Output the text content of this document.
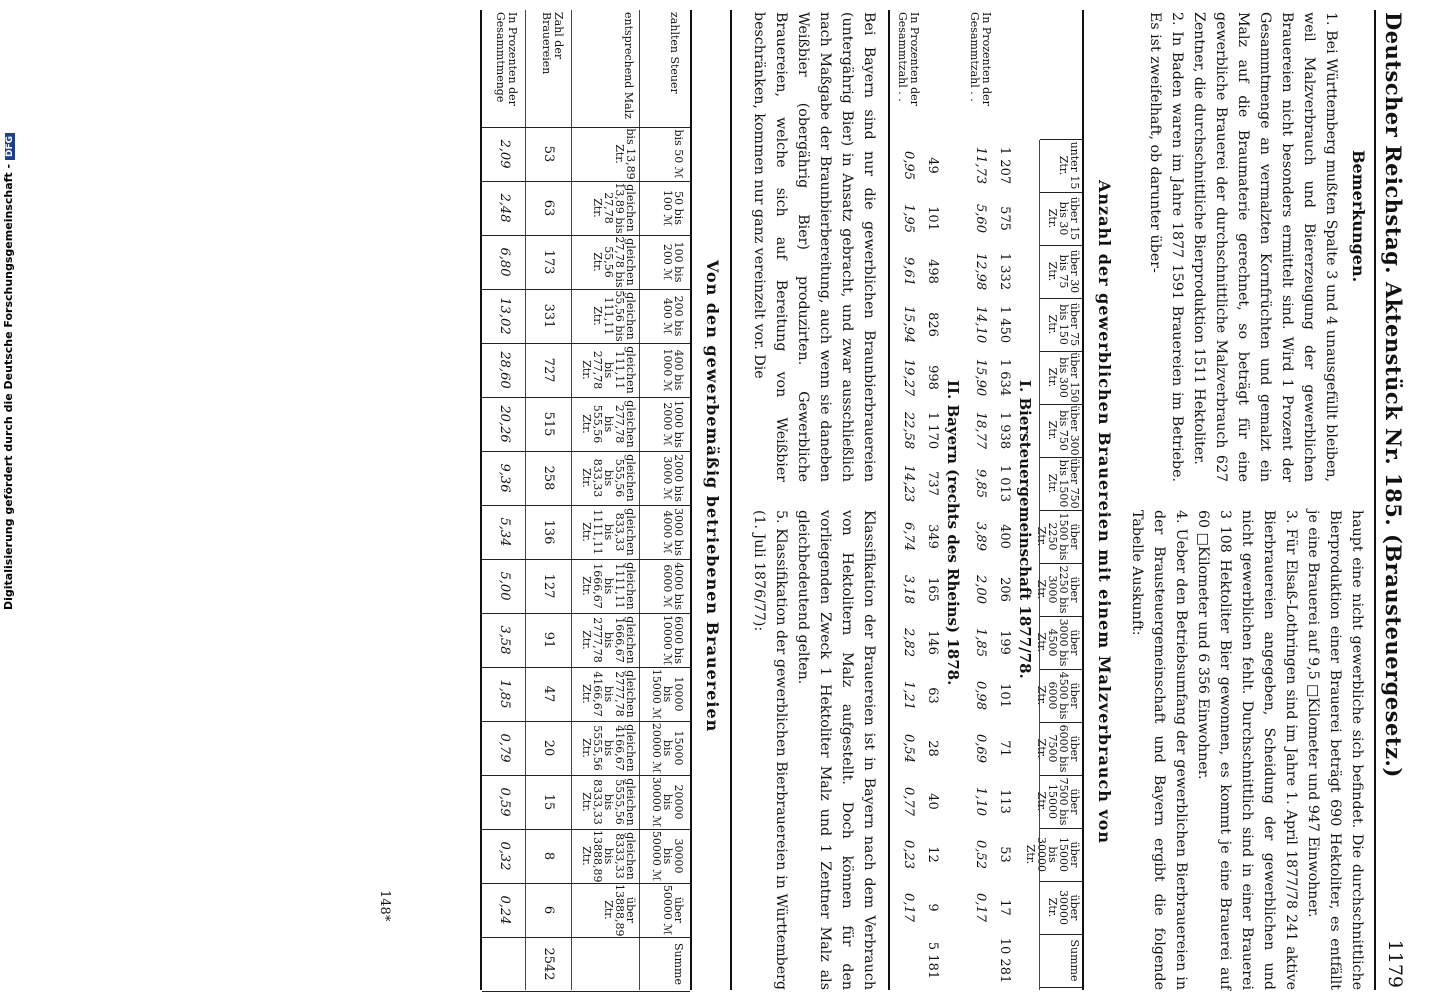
Deutscher Reichstag. Aktenstück Nr. 185. (Brausteuergesetz.)
1179
Bemerkungen.

1. Bei Württemberg mußten Spalte 3 und 4 unausgefüllt bleiben, weil Malzverbrauch und Biererzeugung der gewerblichen Brauereien nicht besonders ermittelt sind. Wird 1 Prozent der Gesammtmenge an vermalzten Kornfrüchten und gemalzt ein Malz auf die Braumaterie gerechnet, so beträgt für eine gewerbliche Brauerei der durchschnittliche Malzverbrauch 627 Zentner, die durchschnittliche Bierproduktion 1511 Hektoliter.

2. In Baden waren im Jahre 1877 1591 Brauereien im Betriebe. Es ist zweifelhaft, ob darunter über-

haupt eine nicht gewerbliche sich befindet. Die durchschnittliche Bierproduktion einer Brauerei beträgt 690 Hektoliter, es entfällt je eine Brauerei auf 9,5 □Kilometer und 947 Einwohner.

3. Für Elsaß-Lothringen sind im Jahre 1. April 1877/78 241 aktive Bierbrauereien angegeben, Scheidung der gewerblichen und nicht gewerblichen fehlt. Durchschnittlich sind in einer Brauerei 3 108 Hektoliter Bier gewonnen, es kommt je eine Brauerei auf 60 □Kilometer und 6 356 Einwohner.

4. Ueber den Betriebsumfang der gewerblichen Bierbrauereien in der Brausteuergemeinschaft und Bayern ergibt die folgende Tabelle Auskunft:

Anzahl der gewerblichen Brauereien mit einem Malzverbrauch von
unter 15 Ztr.
über 15 bis 30 Ztr.
über 30 bis 75 Ztr.
über 75 bis 150 Ztr.
über 150 bis 300 Ztr.
über 300 bis 750 Ztr.
über 750 bis 1500 Ztr.
über 1500 bis 2250 Ztr.
über 2250 bis 3000 Ztr.
über 3000 bis 4500 Ztr.
über 4500 bis 6000 Ztr.
über 6000 bis 7500 Ztr.
über 7500 bis 15000 Ztr.
über 15000 bis 30000 Ztr.
über 30000 Ztr.
Summe
I. Biersteuergemeinschaft 1877/78.
1 207
575
1 332
1 450
1 634
1 938
1 013
400
206
199
101
71
113
53
17
10 281
In Prozenten der Gesammtzahl . .
11,73
5,60
12,98
14,10
15,90
18,77
9,85
3,89
2,00
1,85
0,98
0,69
1,10
0,52
0,17
II. Bayern (rechts des Rheins) 1878.
49
101
498
826
998
1 170
737
349
165
146
63
28
40
12
9
5 181
In Prozenten der Gesammtzahl . .
0,95
1,95
9,61
15,94
19,27
22,58
14,23
6,74
3,18
2,82
1,21
0,54
0,77
0,23
0,17

Bei Bayern sind nur die gewerblichen Braunbierbrauereien (untergährig Bier) in Ansatz gebracht, und zwar ausschließlich nach Maßgabe der Braunbierbereitung, auch wenn sie daneben Weißbier (obergährig Bier) produzirten. Gewerbliche Brauereien, welche sich auf Bereitung von Weißbier beschränken, kommen nur ganz vereinzelt vor. Die

Klassifikation der Brauereien ist in Bayern nach dem Verbrauch von Hektolitern Malz aufgestellt. Doch können für den vorliegenden Zweck 1 Hektoliter Malz und 1 Zentner Malz als gleichbedeutend gelten.

5. Klassifikation der gewerblichen Bierbrauereien in Württemberg (1. Juli 1876/77):

Von den gewerbemäßig betriebenen Brauereien
zahlten Steuer
bis 50 ℳ
50 bis 100 ℳ
100 bis 200 ℳ
200 bis 400 ℳ
400 bis 1000 ℳ
1000 bis 2000 ℳ
2000 bis 3000 ℳ
3000 bis 4000 ℳ
4000 bis 6000 ℳ
6000 bis 10000 ℳ
10000 bis 15000 ℳ
15000 bis 20000 ℳ
20000 bis 30000 ℳ
30000 bis 50000 ℳ
über 50000 ℳ
Summe
entsprechend Malz
bis 13,89 Ztr.
gleichen 13,89 bis 27,78 Ztr.
gleichen 27,78 bis 55,56 Ztr.
gleichen 55,56 bis 111,11 Ztr.
gleichen 111,11 bis 277,78 Ztr.
gleichen 277,78 bis 555,56 Ztr.
gleichen 555,56 bis 833,33 Ztr.
gleichen 833,33 bis 1111,11 Ztr.
gleichen 1111,11 bis 1666,67 Ztr.
gleichen 1666,67 bis 2777,78 Ztr.
gleichen 2777,78 bis 4166,67 Ztr.
gleichen 4166,67 bis 5555,56 Ztr.
gleichen 5555,56 bis 8333,33 Ztr.
gleichen 8333,33 bis 13888,89 Ztr.
über 13888,89 Ztr.
Zahl der Brauereien
53
63
173
331
727
515
258
136
127
91
47
20
15
8
6
2542
In Prozenten der Gesammtmenge
2,09
2,48
6,80
13,02
28,60
20,26
9,36
5,34
5,00
3,58
1,85
0,79
0,59
0,32
0,24
148*
Digitalisierung gefördert durch die Deutsche Forschungsgemeinschaft -DFG
